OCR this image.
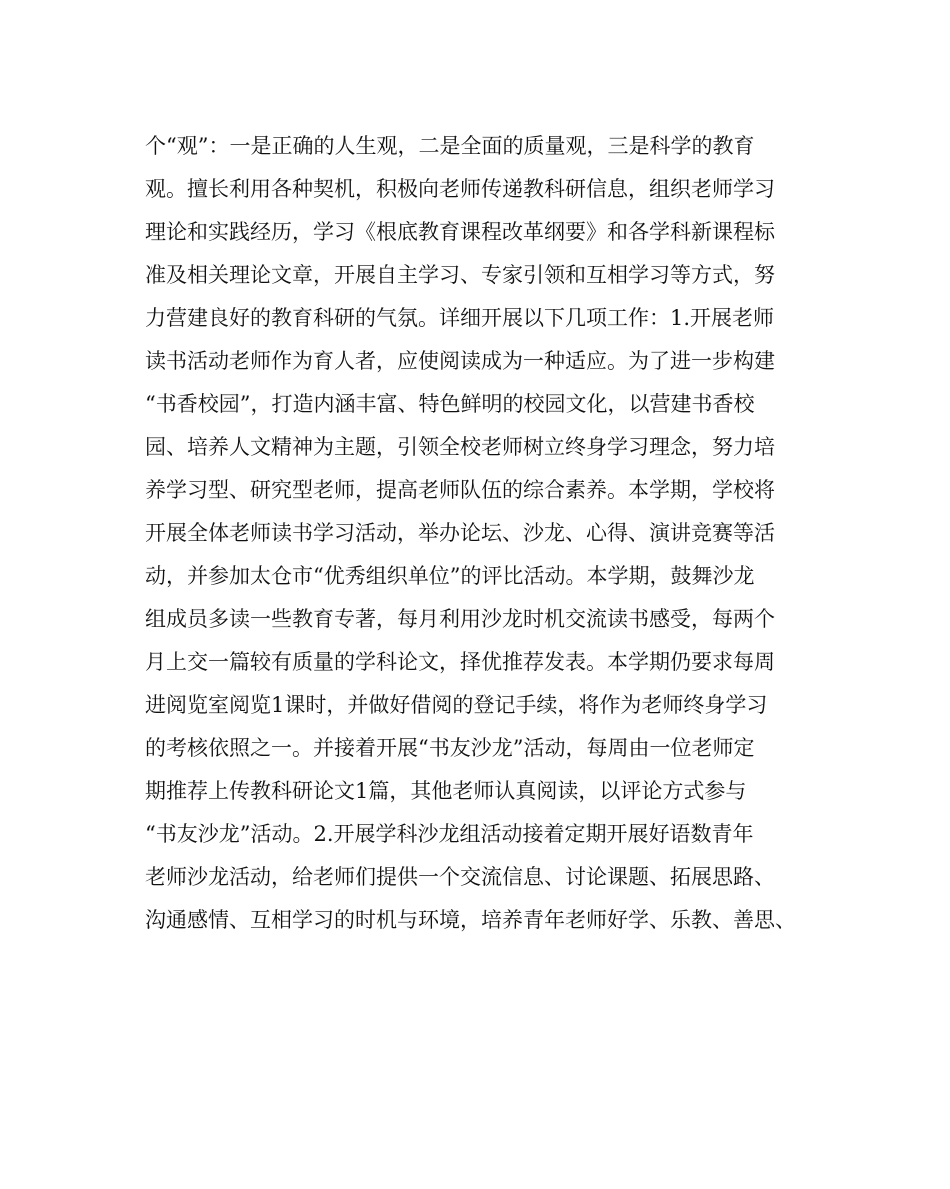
个“观”：一是正确的人生观，二是全面的质量观，三是科学的教育
观。擅长利用各种契机，积极向老师传递教科研信息，组织老师学习
理论和实践经历，学习《根底教育课程改革纲要》和各学科新课程标
准及相关理论文章，开展自主学习、专家引领和互相学习等方式，努
力营建良好的教育科研的气氛。详细开展以下几项工作：1.开展老师
读书活动老师作为育人者，应使阅读成为一种适应。为了进一步构建
“书香校园”，打造内涵丰富、特色鲜明的校园文化，以营建书香校
园、培养人文精神为主题，引领全校老师树立终身学习理念，努力培
养学习型、研究型老师，提高老师队伍的综合素养。本学期，学校将
开展全体老师读书学习活动，举办论坛、沙龙、心得、演讲竞赛等活
动，并参加太仓市“优秀组织单位”的评比活动。本学期，鼓舞沙龙
组成员多读一些教育专著，每月利用沙龙时机交流读书感受，每两个
月上交一篇较有质量的学科论文，择优推荐发表。本学期仍要求每周
进阅览室阅览1课时，并做好借阅的登记手续，将作为老师终身学习
的考核依照之一。并接着开展“书友沙龙”活动，每周由一位老师定
期推荐上传教科研论文1篇，其他老师认真阅读，以评论方式参与
“书友沙龙”活动。2.开展学科沙龙组活动接着定期开展好语数青年
老师沙龙活动，给老师们提供一个交流信息、讨论课题、拓展思路、
沟通感情、互相学习的时机与环境，培养青年老师好学、乐教、善思、
